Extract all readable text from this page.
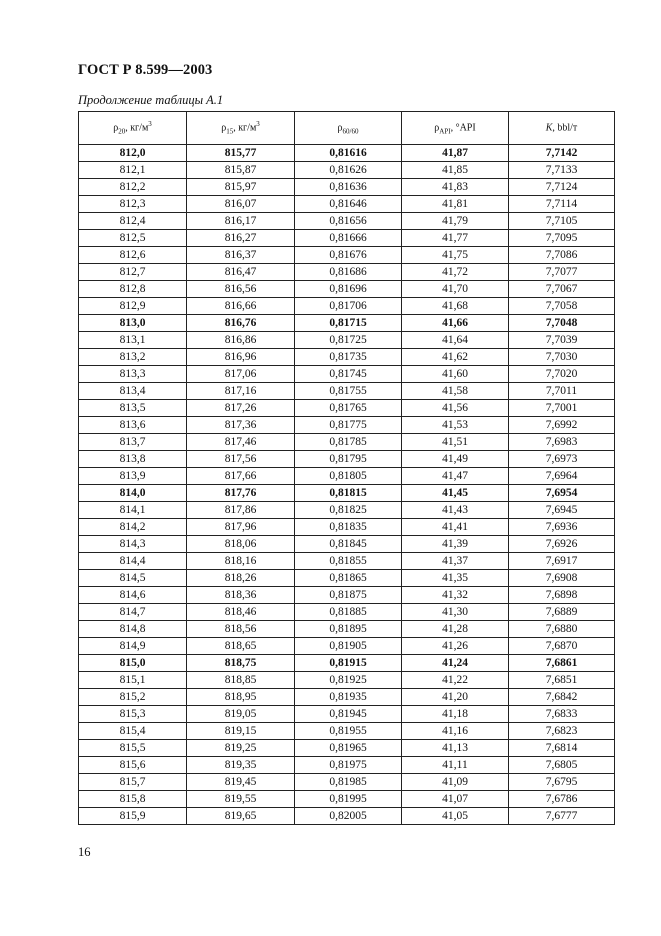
ГОСТ Р 8.599—2003
Продолжение таблицы А.1
$\rho_{20}$, $кг/м^3$	$\rho_{15}$, $кг/м^3$	$\rho_{60/60}$	$\rho_{API}$, °API	K, bbl/т
812,0	815,77	0,81616	41,87	7,7142
812,1	815,87	0,81626	41,85	7,7133
812,2	815,97	0,81636	41,83	7,7124
812,3	816,07	0,81646	41,81	7,7114
812,4	816,17	0,81656	41,79	7,7105
812,5	816,27	0,81666	41,77	7,7095
812,6	816,37	0,81676	41,75	7,7086
812,7	816,47	0,81686	41,72	7,7077
812,8	816,56	0,81696	41,70	7,7067
812,9	816,66	0,81706	41,68	7,7058
813,0	816,76	0,81715	41,66	7,7048
813,1	816,86	0,81725	41,64	7,7039
813,2	816,96	0,81735	41,62	7,7030
813,3	817,06	0,81745	41,60	7,7020
813,4	817,16	0,81755	41,58	7,7011
813,5	817,26	0,81765	41,56	7,7001
813,6	817,36	0,81775	41,53	7,6992
813,7	817,46	0,81785	41,51	7,6983
813,8	817,56	0,81795	41,49	7,6973
813,9	817,66	0,81805	41,47	7,6964
814,0	817,76	0,81815	41,45	7,6954
814,1	817,86	0,81825	41,43	7,6945
814,2	817,96	0,81835	41,41	7,6936
814,3	818,06	0,81845	41,39	7,6926
814,4	818,16	0,81855	41,37	7,6917
814,5	818,26	0,81865	41,35	7,6908
814,6	818,36	0,81875	41,32	7,6898
814,7	818,46	0,81885	41,30	7,6889
814,8	818,56	0,81895	41,28	7,6880
814,9	818,65	0,81905	41,26	7,6870
815,0	818,75	0,81915	41,24	7,6861
815,1	818,85	0,81925	41,22	7,6851
815,2	818,95	0,81935	41,20	7,6842
815,3	819,05	0,81945	41,18	7,6833
815,4	819,15	0,81955	41,16	7,6823
815,5	819,25	0,81965	41,13	7,6814
815,6	819,35	0,81975	41,11	7,6805
815,7	819,45	0,81985	41,09	7,6795
815,8	819,55	0,81995	41,07	7,6786
815,9	819,65	0,82005	41,05	7,6777
16
